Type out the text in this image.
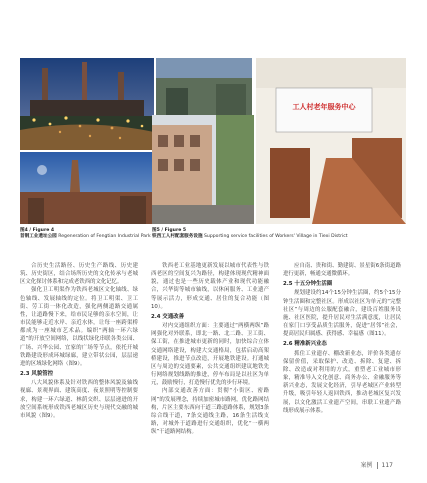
图4 / Figure 4
首钢工业遗址公园 Regeneration of Fengtian Industrial Park
工人村老年服务中心
图5 / Figure 5
铁西工人村配套服务设施 Supporting service facilities of Workers' Village in Tiexi District

合历史生活路径、历史生产路线、历史建筑、历史街区，结合场所历史的文化传承与老城区文化探讨体系和完成老铁西的文化记忆。

强化卫工明渠作为铁西老城区文化轴线、绿色轴线、发展轴线的定位。将卫工明渠、卫工街、劳工街一体化改造，强化两侧道路交通属性，让道路慢下来，给市民足够的亲水空间，让市民能够走近水岸、亲近水体，让每一座跨渠桥都成为一座城市艺术品。编织“两轴一环六绿道”的开放空间网络，以线状绿化串联各类公园、广场、兴华公园、宜家的广场等节点，依托开城铁路建设形成环城绿廊，建立带状公园，层层递进的区域绿化网络（图9）。

2.3 风貌管控

八大风貌体系及针对铁西的整体风貌及轴线视廊、景观界面、建筑高度、夜景照明等控制要求，构建一环六绿道、林荫交织、层层递进的开放空间系统形成铁西老城区历史与现代交融的城市风貌（图9）。

铁西老工业基地更新发展以城市代表性与铁西老区的空间复兴为路径，构建体现现代精神面貌，通过也是一些历史载体产业和现代功能融合，兴华街等城市轴线，以休闲服务、工业遗产等展示活力，形成交通、居住的复合功能（图10）。

2.4 交通改善

对内交通组织方面：主要通过“两横两纵”路网强化对外联系，即北一路、北二路、卫工街、保工街，在推进城市更新的同时，加快综合立体交通网络建设，构建大交通格局，包括启动高架桥建设，推进节点改造，开展地铁建设。打通城区与周边的交通要素，公共交通组织建议地铁先行网络规划线路的推进，停车布局是以社区为单元，鼓励慢行，打造慢行优先的步行环境。

内部交通改善方面：贯彻“小街区、密路网”的发展理念，持续加密城市路网，优化路网结构，片区主要东西向干道三路道路体系，规划3条综合线干道，7条交通线主路，16条生活线支路，对城外于道路进行交通组织，优化“一横两纵”干道路网结构。

应自南、贵和街、勤建街、景星街6条街道路进行更新，畅通交通微循环。

2.5 十五分钟生活圈

规划建设约14个15分钟生活圈，约5个15分钟生活圈和完整社区。形成以社区为单元的“完整社区”与周边的公服配套融合，建设百姓服务设施、社区医院，提升居民对生活满意度，让居民在家门口享受品质生活服务，促进“居邻”社会，提高居民归属感、获得感、幸福感（图11）。

2.6 精准新兴业态

抓住工业遗存、棚改新业态，评价各类遗存保留价值，采取保护、改造、拆除、复建、拆除、改造或对利用的方式，重塑老工业城市形象，精准导入文化创意、商务办公、金融服务等新兴业态，发展文化经济，引导老城区产业转型升级，吸引年轻人返回铁西，推动老城区复兴发展，以文化激活工业遗产空间，串联工业遗产路线形成展示体系。

案例 117
